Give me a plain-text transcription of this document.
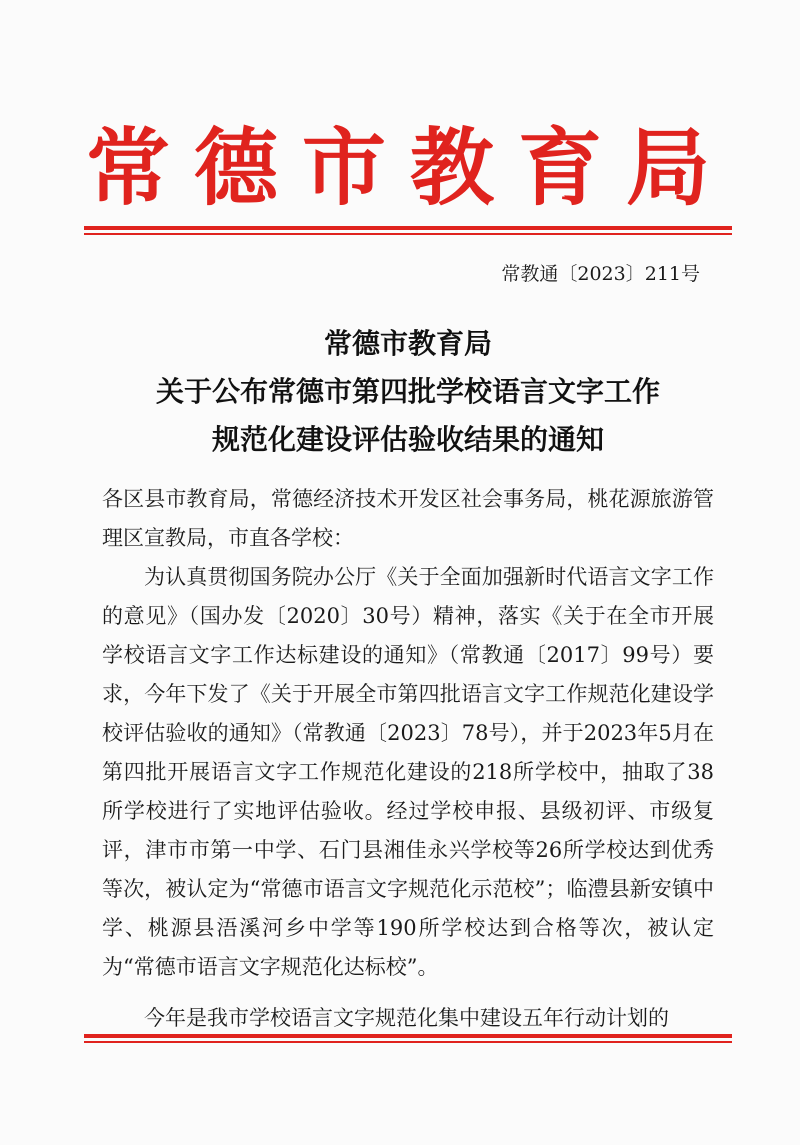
常德市教育局
常教通〔2023〕211号
常德市教育局
关于公布常德市第四批学校语言文字工作
规范化建设评估验收结果的通知

各区县市教育局，常德经济技术开发区社会事务局，桃花源旅游管理区宣教局，市直各学校：

为认真贯彻国务院办公厅《关于全面加强新时代语言文字工作的意见》（国办发〔2020〕30号）精神，落实《关于在全市开展学校语言文字工作达标建设的通知》（常教通〔2017〕99号）要求，今年下发了《关于开展全市第四批语言文字工作规范化建设学校评估验收的通知》（常教通〔2023〕78号），并于2023年5月在第四批开展语言文字工作规范化建设的218所学校中，抽取了38所学校进行了实地评估验收。经过学校申报、县级初评、市级复评，津市市第一中学、石门县湘佳永兴学校等26所学校达到优秀等次，被认定为“常德市语言文字规范化示范校”；临澧县新安镇中学、桃源县浯溪河乡中学等190所学校达到合格等次，被认定为“常德市语言文字规范化达标校”。

今年是我市学校语言文字规范化集中建设五年行动计划的
